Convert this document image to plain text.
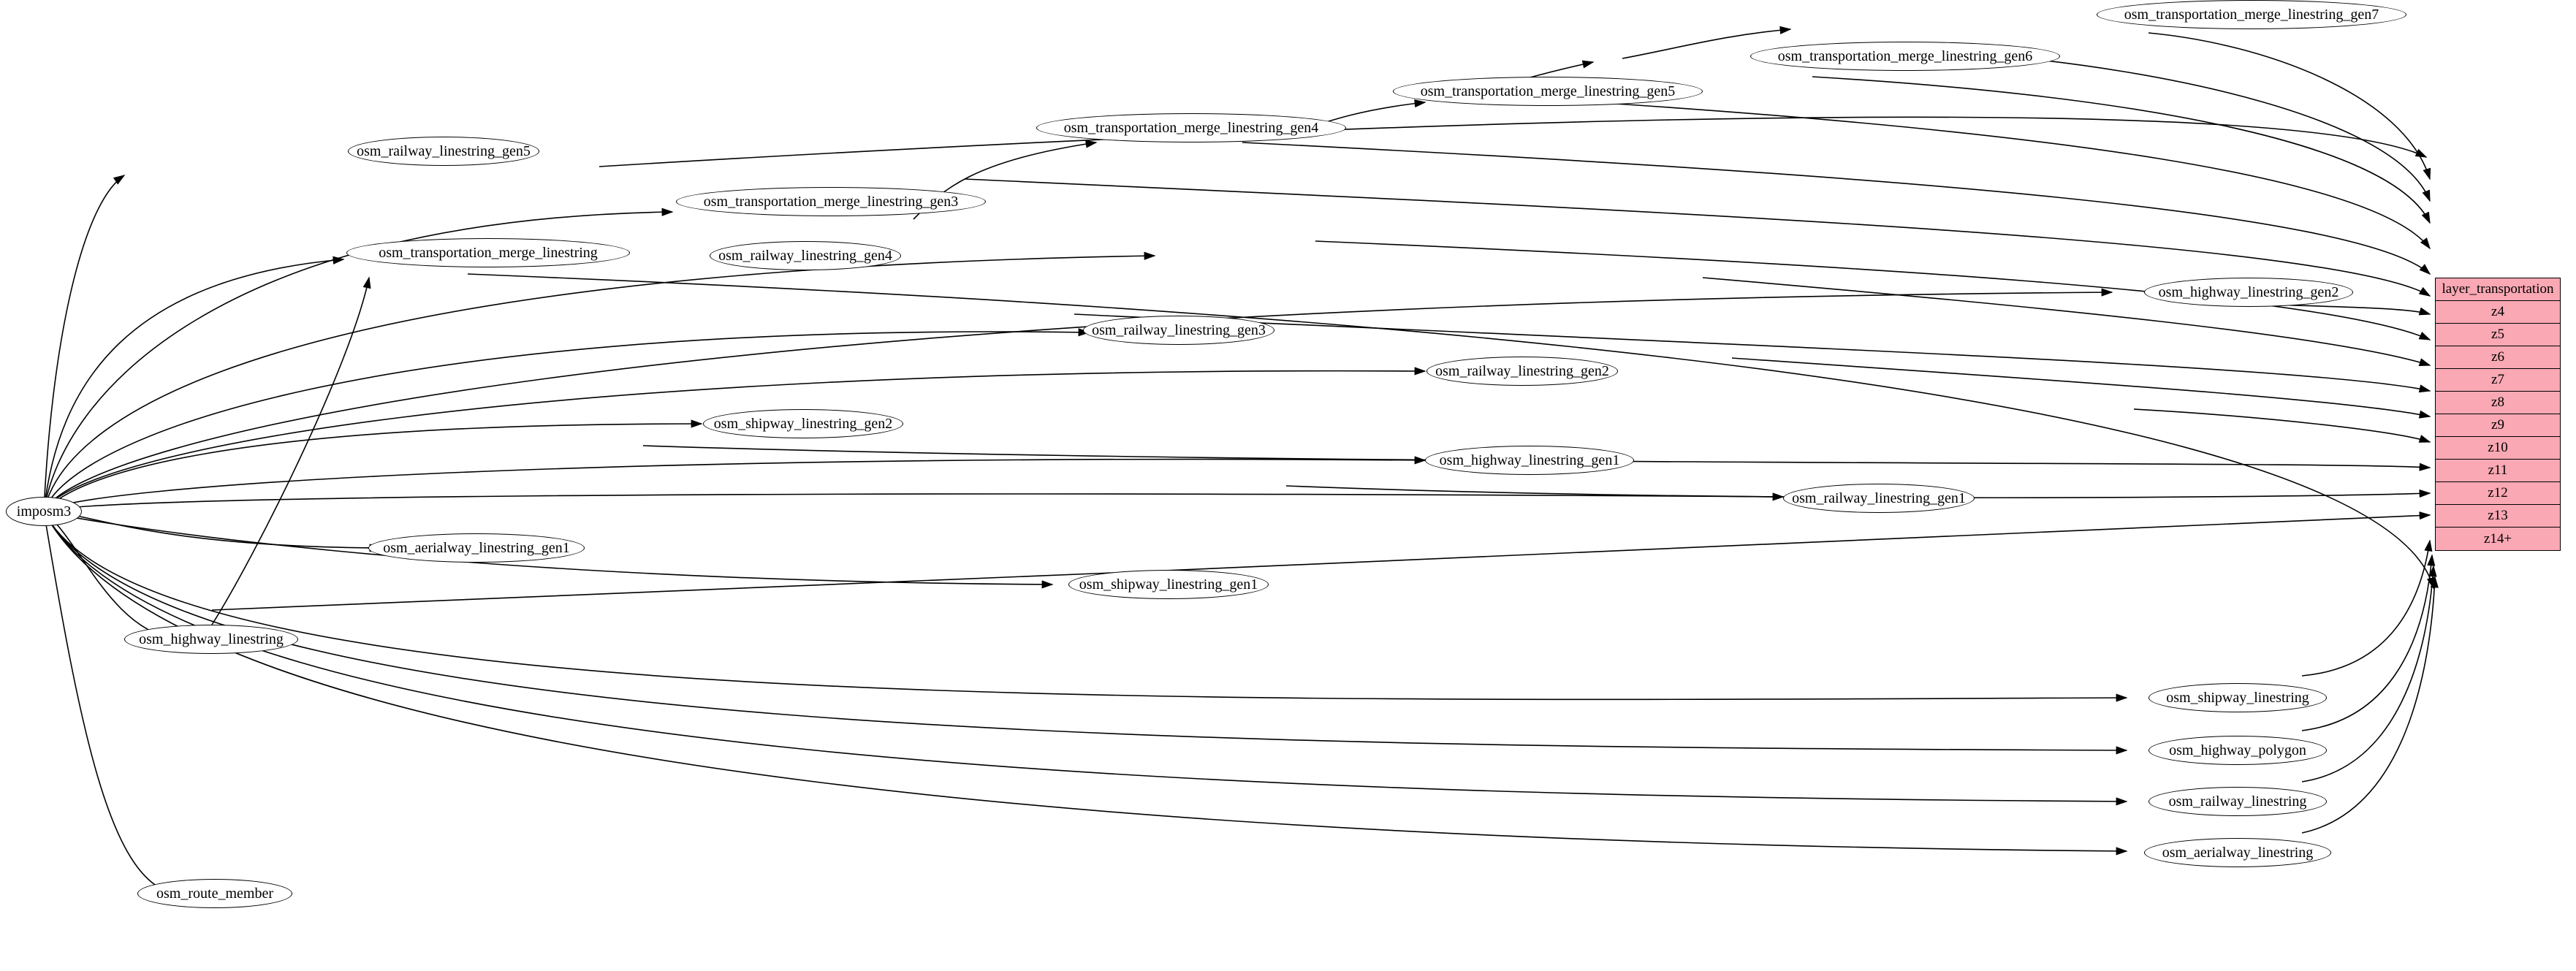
imposm3
osm_railway_linestring_gen5
osm_transportation_merge_linestring_gen7
osm_transportation_merge_linestring_gen6
osm_transportation_merge_linestring_gen5
osm_transportation_merge_linestring_gen4
osm_transportation_merge_linestring_gen3
osm_transportation_merge_linestring	osm_railway_linestring_gen4
osm_highway_linestring_gen2
osm_railway_linestring_gen3
osm_railway_linestring_gen2
osm_shipway_linestring_gen2
osm_highway_linestring_gen1
osm_railway_linestring_gen1
osm_aerialway_linestring_gen1
osm_shipway_linestring_gen1
osm_highway_linestring
osm_shipway_linestring
osm_highway_polygon
osm_railway_linestring
osm_aerialway_linestring
osm_route_member
layer_transportation
z4
z5
z6
z7
z8
z9
z10
z11
z12
z13
z14+
